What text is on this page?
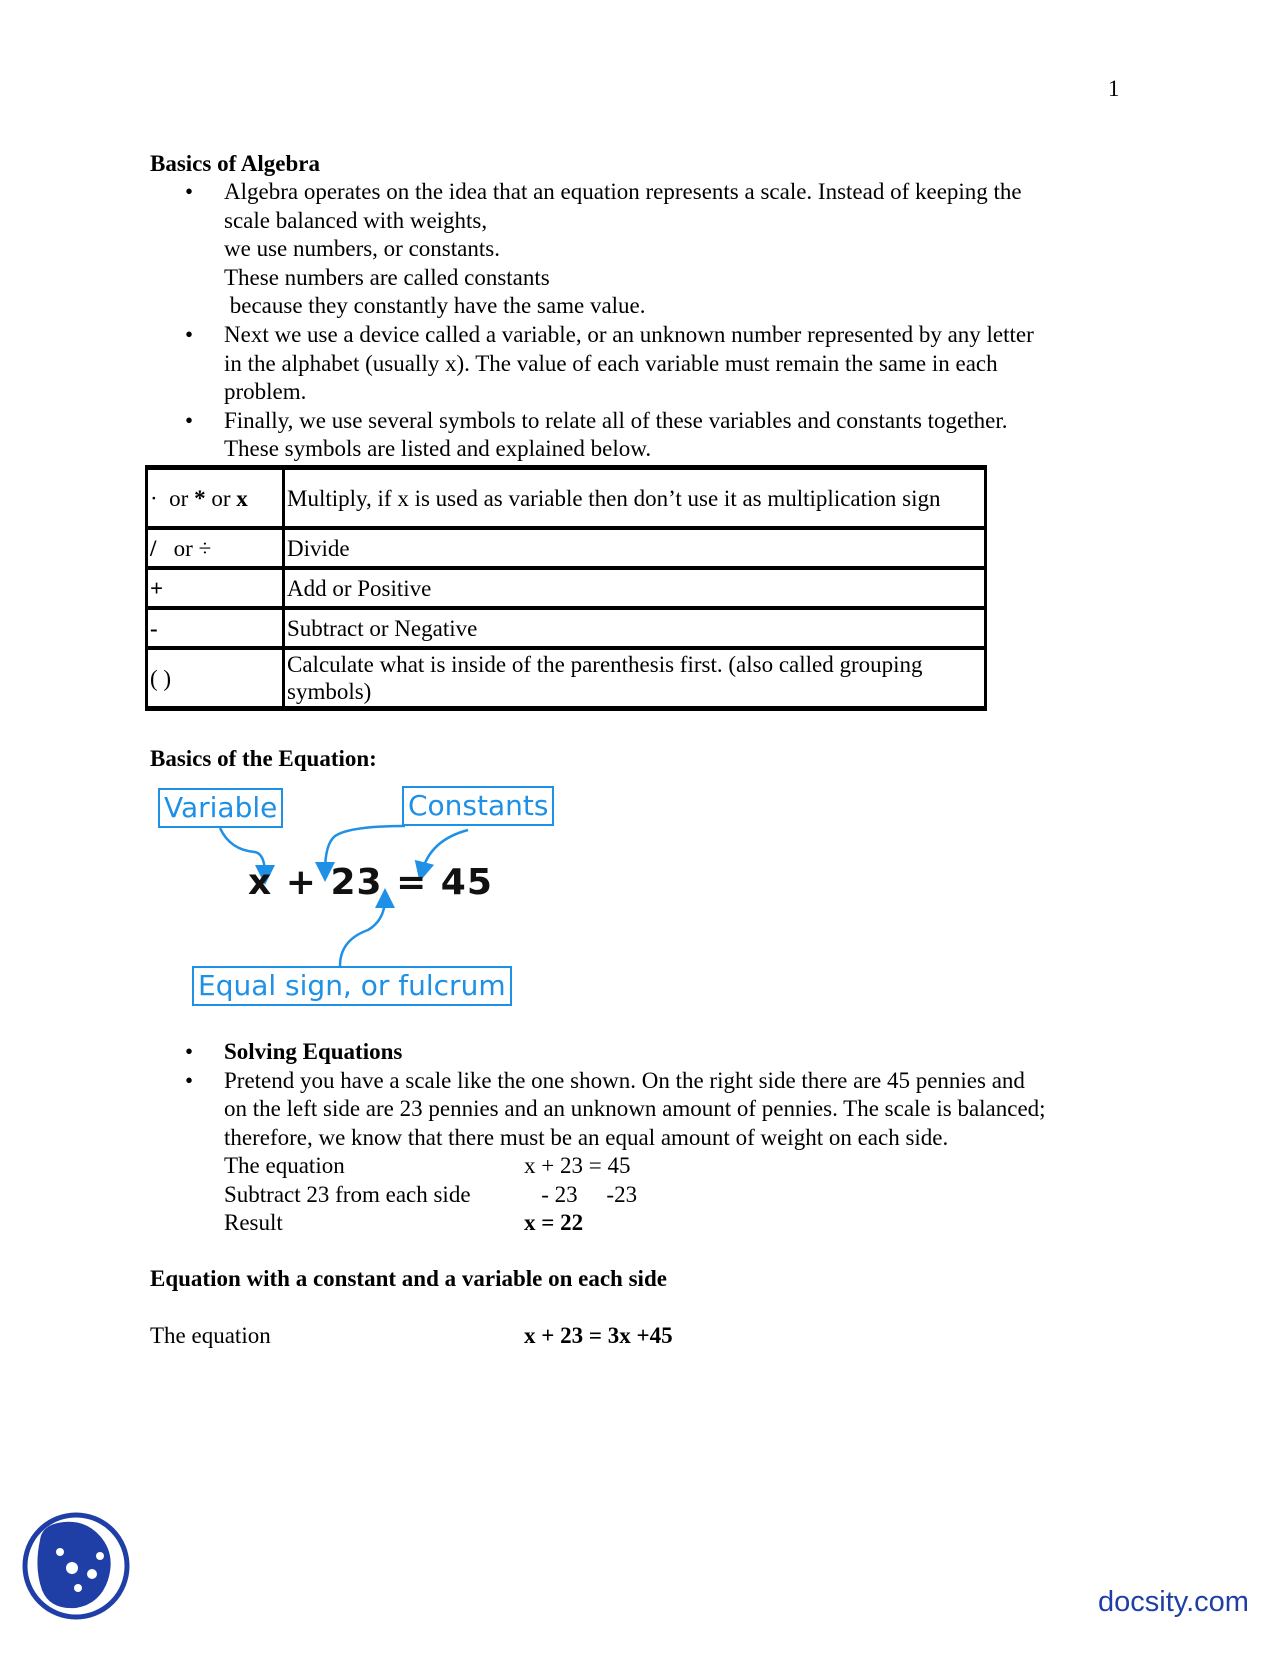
1
Basics of Algebra
• Algebra operates on the idea that an equation represents a scale. Instead of keeping the
scale balanced with weights,
we use numbers, or constants.
These numbers are called constants
because they constantly have the same value.
• Next we use a device called a variable, or an unknown number represented by any letter
in the alphabet (usually x). The value of each variable must remain the same in each
problem.
• Finally, we use several symbols to relate all of these variables and constants together.
These symbols are listed and explained below.
· or * or x	Multiply, if x is used as variable then don’t use it as multiplication sign
/ or ÷	Divide
+	Add or Positive
-	Subtract or Negative
( )	Calculate what is inside of the parenthesis first. (also called grouping symbols)
Basics of the Equation:
Variable	Constants
Equal sign, or fulcrum
x + 23 = 45
• Solving Equations
• Pretend you have a scale like the one shown. On the right side there are 45 pennies and
on the left side are 23 pennies and an unknown amount of pennies. The scale is balanced;
therefore, we know that there must be an equal amount of weight on each side.
The equation	x + 23 = 45
Subtract 23 from each side	- 23     -23
Result	x = 22
Equation with a constant and a variable on each side
The equation	x + 23 = 3x +45
docsity.com
